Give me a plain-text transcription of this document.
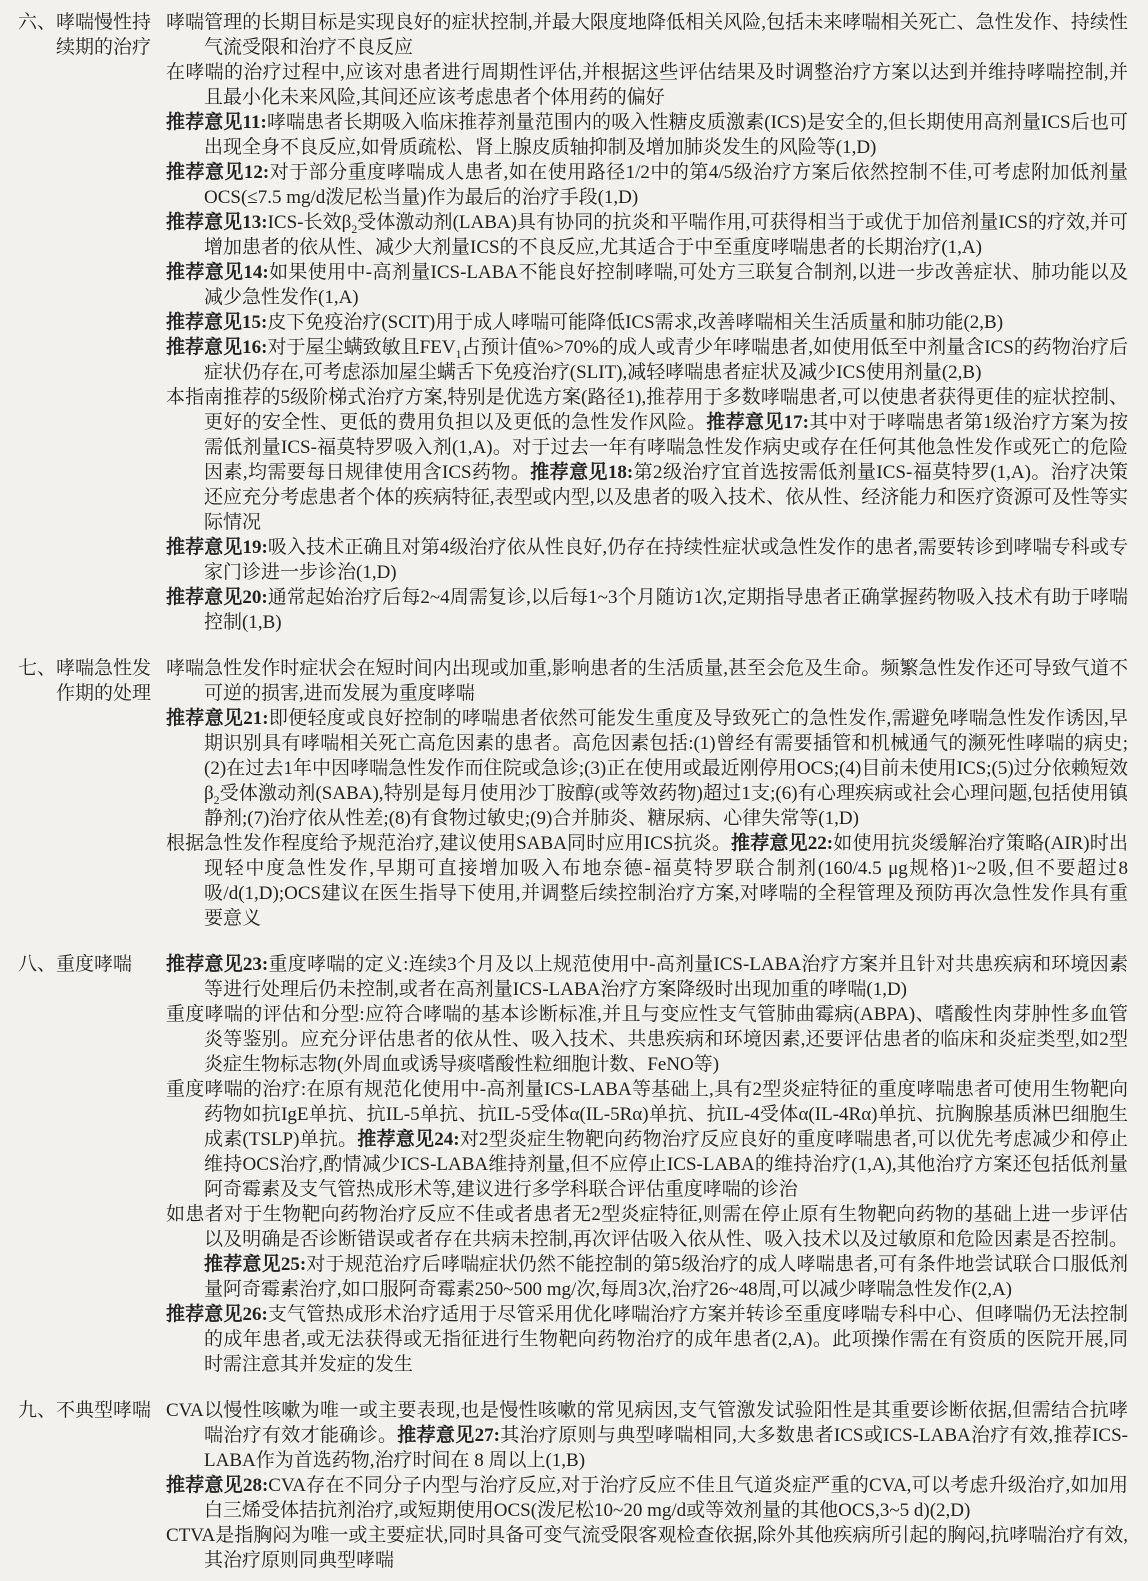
六、哮喘慢性持续期的治疗

哮喘管理的长期目标是实现良好的症状控制,并最大限度地降低相关风险,包括未来哮喘相关死亡、急性发作、持续性气流受限和治疗不良反应

在哮喘的治疗过程中,应该对患者进行周期性评估,并根据这些评估结果及时调整治疗方案以达到并维持哮喘控制,并且最小化未来风险,其间还应该考虑患者个体用药的偏好

推荐意见11:哮喘患者长期吸入临床推荐剂量范围内的吸入性糖皮质激素(ICS)是安全的,但长期使用高剂量ICS后也可出现全身不良反应,如骨质疏松、肾上腺皮质轴抑制及增加肺炎发生的风险等(1,D)

推荐意见12:对于部分重度哮喘成人患者,如在使用路径1/2中的第4/5级治疗方案后依然控制不佳,可考虑附加低剂量OCS(≤7.5 mg/d泼尼松当量)作为最后的治疗手段(1,D)

推荐意见13:ICS-长效$\beta_2$受体激动剂(LABA)具有协同的抗炎和平喘作用,可获得相当于或优于加倍剂量ICS的疗效,并可增加患者的依从性、减少大剂量ICS的不良反应,尤其适合于中至重度哮喘患者的长期治疗(1,A)

推荐意见14:如果使用中-高剂量ICS-LABA不能良好控制哮喘,可处方三联复合制剂,以进一步改善症状、肺功能以及减少急性发作(1,A)

推荐意见15:皮下免疫治疗(SCIT)用于成人哮喘可能降低ICS需求,改善哮喘相关生活质量和肺功能(2,B)

推荐意见16:对于屋尘螨致敏且$FEV_1$占预计值%>70%的成人或青少年哮喘患者,如使用低至中剂量含ICS的药物治疗后症状仍存在,可考虑添加屋尘螨舌下免疫治疗(SLIT),减轻哮喘患者症状及减少ICS使用剂量(2,B)

本指南推荐的5级阶梯式治疗方案,特别是优选方案(路径1),推荐用于多数哮喘患者,可以使患者获得更佳的症状控制、更好的安全性、更低的费用负担以及更低的急性发作风险。推荐意见17:其中对于哮喘患者第1级治疗方案为按需低剂量ICS-福莫特罗吸入剂(1,A)。对于过去一年有哮喘急性发作病史或存在任何其他急性发作或死亡的危险因素,均需要每日规律使用含ICS药物。推荐意见18:第2级治疗宜首选按需低剂量ICS-福莫特罗(1,A)。治疗决策还应充分考虑患者个体的疾病特征,表型或内型,以及患者的吸入技术、依从性、经济能力和医疗资源可及性等实际情况

推荐意见19:吸入技术正确且对第4级治疗依从性良好,仍存在持续性症状或急性发作的患者,需要转诊到哮喘专科或专家门诊进一步诊治(1,D)

推荐意见20:通常起始治疗后每2~4周需复诊,以后每1~3个月随访1次,定期指导患者正确掌握药物吸入技术有助于哮喘控制(1,B)

七、哮喘急性发作期的处理

哮喘急性发作时症状会在短时间内出现或加重,影响患者的生活质量,甚至会危及生命。频繁急性发作还可导致气道不可逆的损害,进而发展为重度哮喘

推荐意见21:即便轻度或良好控制的哮喘患者依然可能发生重度及导致死亡的急性发作,需避免哮喘急性发作诱因,早期识别具有哮喘相关死亡高危因素的患者。高危因素包括:(1)曾经有需要插管和机械通气的濒死性哮喘的病史;(2)在过去1年中因哮喘急性发作而住院或急诊;(3)正在使用或最近刚停用OCS;(4)目前未使用ICS;(5)过分依赖短效$\beta_2$受体激动剂(SABA),特别是每月使用沙丁胺醇(或等效药物)超过1支;(6)有心理疾病或社会心理问题,包括使用镇静剂;(7)治疗依从性差;(8)有食物过敏史;(9)合并肺炎、糖尿病、心律失常等(1,D)

根据急性发作程度给予规范治疗,建议使用SABA同时应用ICS抗炎。推荐意见22:如使用抗炎缓解治疗策略(AIR)时出现轻中度急性发作,早期可直接增加吸入布地奈德-福莫特罗联合制剂(160/4.5 μg规格)1~2吸,但不要超过8吸/d(1,D);OCS建议在医生指导下使用,并调整后续控制治疗方案,对哮喘的全程管理及预防再次急性发作具有重要意义

八、重度哮喘	推荐意见23:重度哮喘的定义:连续3个月及以上规范使用中-高剂量ICS-LABA治疗方案并且针对共患疾病和环境因素等进行处理后仍未控制,或者在高剂量ICS-LABA治疗方案降级时出现加重的哮喘(1,D)

重度哮喘的评估和分型:应符合哮喘的基本诊断标准,并且与变应性支气管肺曲霉病(ABPA)、嗜酸性肉芽肿性多血管炎等鉴别。应充分评估患者的依从性、吸入技术、共患疾病和环境因素,还要评估患者的临床和炎症类型,如2型炎症生物标志物(外周血或诱导痰嗜酸性粒细胞计数、FeNO等)

重度哮喘的治疗:在原有规范化使用中-高剂量ICS-LABA等基础上,具有2型炎症特征的重度哮喘患者可使用生物靶向药物如抗IgE单抗、抗IL-5单抗、抗IL-5受体α(IL-5Rα)单抗、抗IL-4受体α(IL-4Rα)单抗、抗胸腺基质淋巴细胞生成素(TSLP)单抗。推荐意见24:对2型炎症生物靶向药物治疗反应良好的重度哮喘患者,可以优先考虑减少和停止维持OCS治疗,酌情减少ICS-LABA维持剂量,但不应停止ICS-LABA的维持治疗(1,A),其他治疗方案还包括低剂量阿奇霉素及支气管热成形术等,建议进行多学科联合评估重度哮喘的诊治

如患者对于生物靶向药物治疗反应不佳或者患者无2型炎症特征,则需在停止原有生物靶向药物的基础上进一步评估以及明确是否诊断错误或者存在共病未控制,再次评估吸入依从性、吸入技术以及过敏原和危险因素是否控制。推荐意见25:对于规范治疗后哮喘症状仍然不能控制的第5级治疗的成人哮喘患者,可有条件地尝试联合口服低剂量阿奇霉素治疗,如口服阿奇霉素250~500 mg/次,每周3次,治疗26~48周,可以减少哮喘急性发作(2,A)

推荐意见26:支气管热成形术治疗适用于尽管采用优化哮喘治疗方案并转诊至重度哮喘专科中心、但哮喘仍无法控制的成年患者,或无法获得或无指征进行生物靶向药物治疗的成年患者(2,A)。此项操作需在有资质的医院开展,同时需注意其并发症的发生

九、不典型哮喘 CVA以慢性咳嗽为唯一或主要表现,也是慢性咳嗽的常见病因,支气管激发试验阳性是其重要诊断依据,但需结合抗哮喘治疗有效才能确诊。推荐意见27:其治疗原则与典型哮喘相同,大多数患者ICS或ICS-LABA治疗有效,推荐ICS-LABA作为首选药物,治疗时间在 8 周以上(1,B)

推荐意见28:CVA存在不同分子内型与治疗反应,对于治疗反应不佳且气道炎症严重的CVA,可以考虑升级治疗,如加用白三烯受体拮抗剂治疗,或短期使用OCS(泼尼松10~20 mg/d或等效剂量的其他OCS,3~5 d)(2,D)

CTVA是指胸闷为唯一或主要症状,同时具备可变气流受限客观检查依据,除外其他疾病所引起的胸闷,抗哮喘治疗有效,其治疗原则同典型哮喘
